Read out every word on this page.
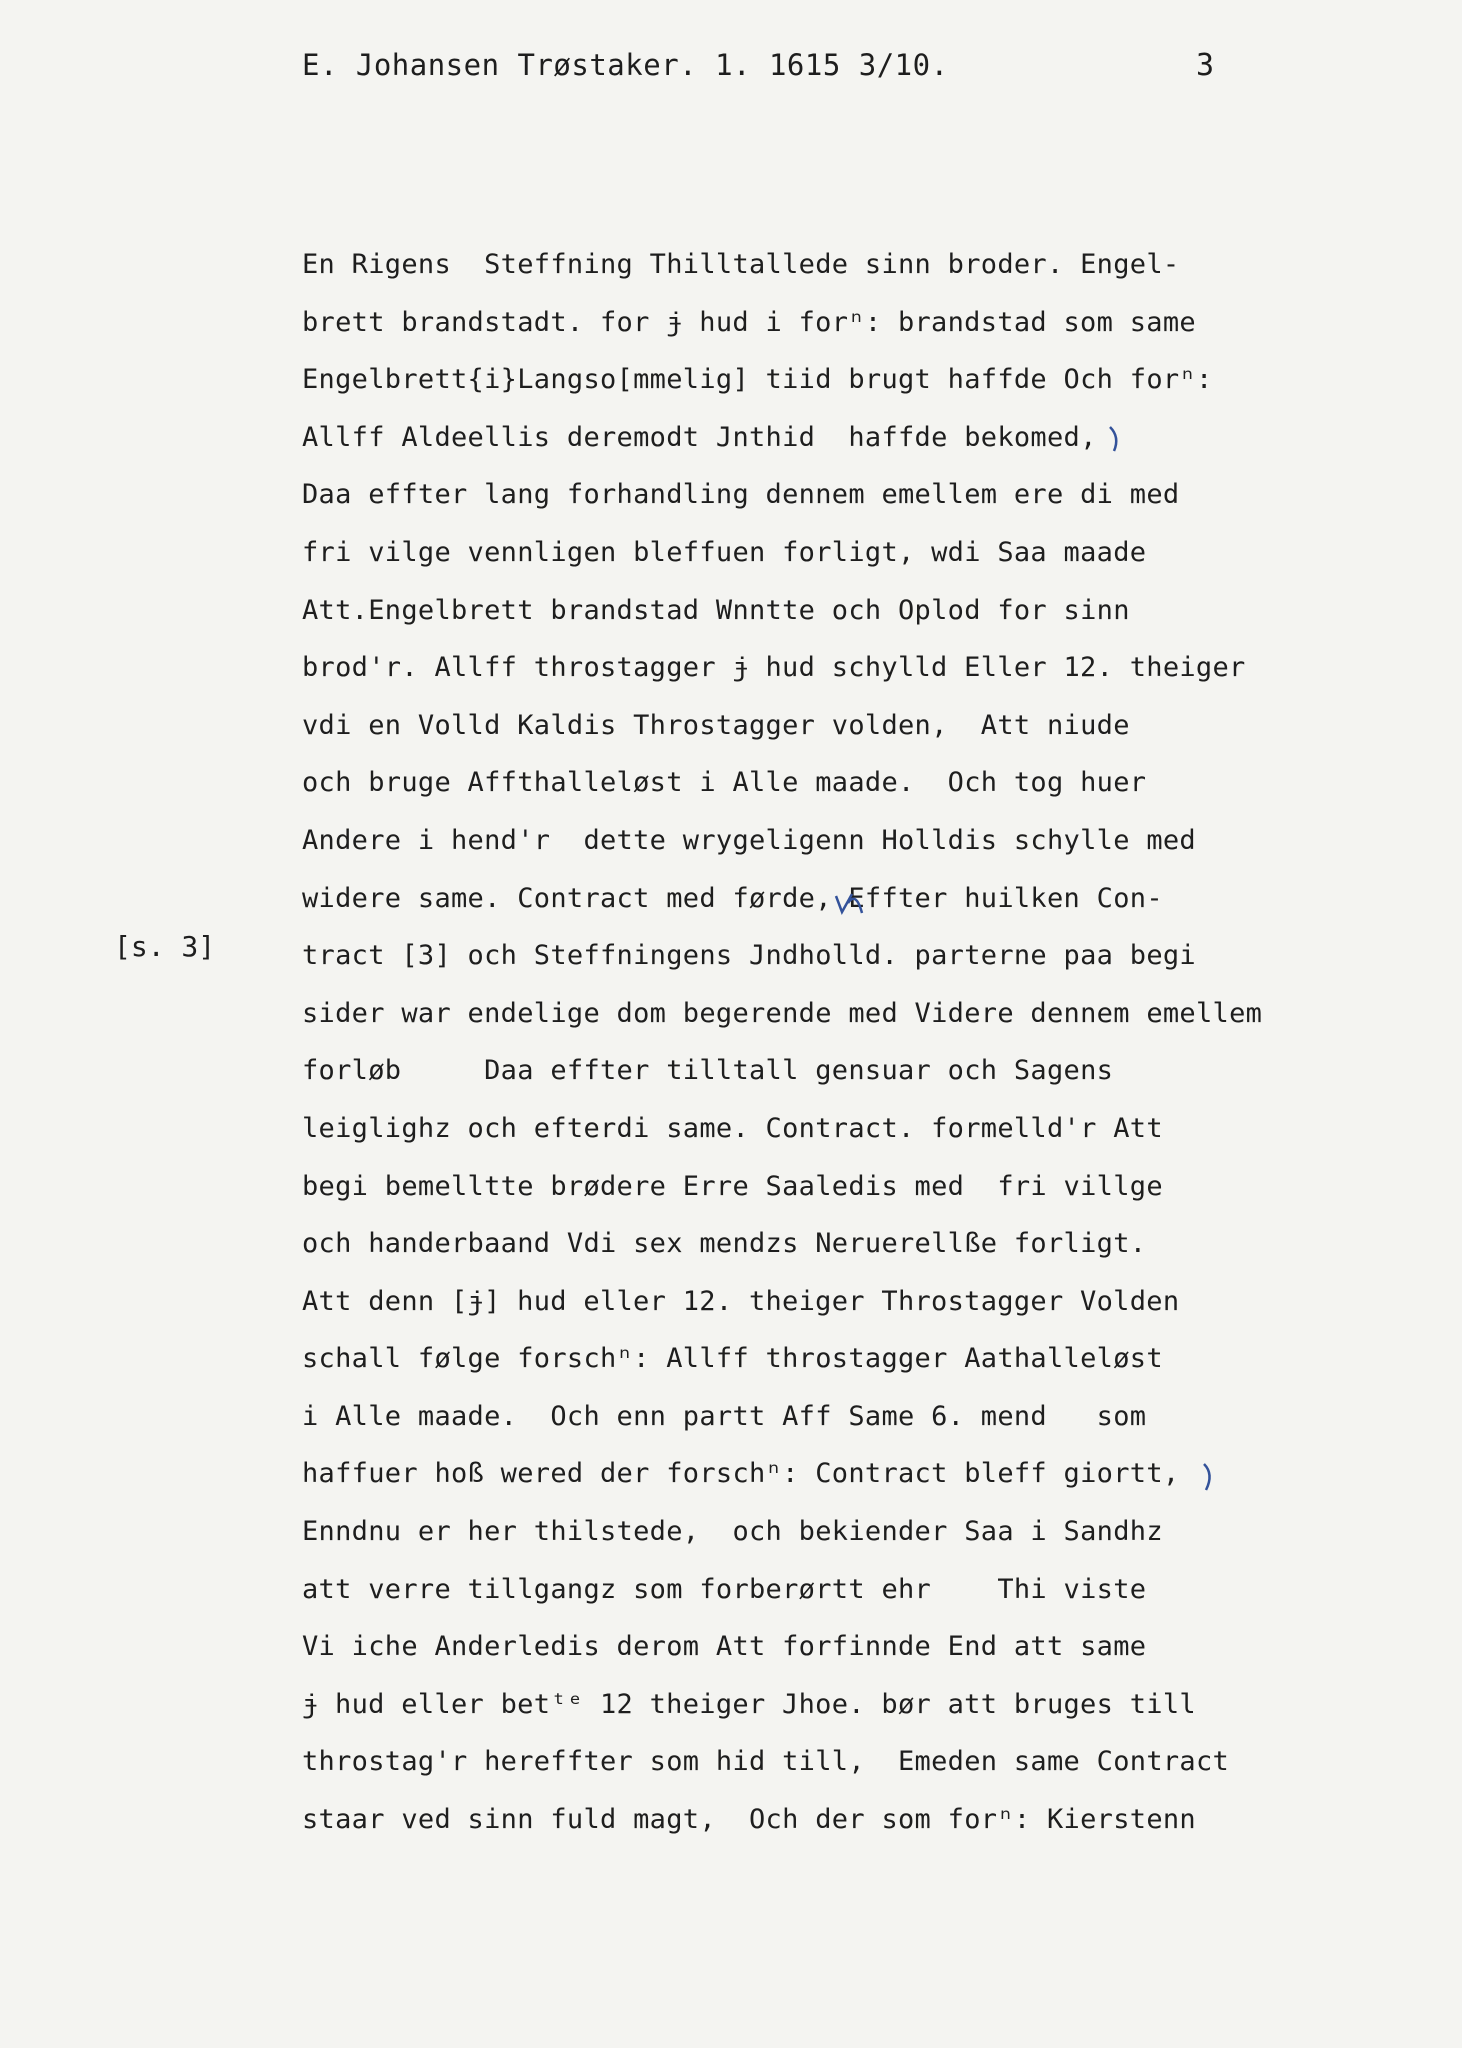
E. Johansen Trøstaker. 1. 1615 3/10.	3
[s. 3]
En Rigens  Steffning Thilltallede sinn broder. Engel-
brett brandstadt. for ɉ hud i forⁿ: brandstad som same
Engelbrett{i}Langso[mmelig] tiid brugt haffde Och forⁿ:
Allff Aldeellis deremodt Jnthid  haffde bekomed,
Daa effter lang forhandling dennem emellem ere di med
fri vilge vennligen bleffuen forligt, wdi Saa maade
Att.Engelbrett brandstad Wnntte och Oplod for sinn
brod'r. Allff throstagger ɉ hud schylld Eller 12. theiger
vdi en Volld Kaldis Throstagger volden,  Att niude
och bruge Affthalleløst i Alle maade.  Och tog huer
Andere i hend'r  dette wrygeligenn Holldis schylle med
widere same. Contract med førde, Effter huilken Con-
tract [3] och Steffningens Jndholld. parterne paa begi
sider war endelige dom begerende med Videre dennem emellem
forløb     Daa effter tilltall gensuar och Sagens
leiglighz och efterdi same. Contract. formelld'r Att
begi bemelltte brødere Erre Saaledis med  fri villge
och handerbaand Vdi sex mendzs Neruerellße forligt.
Att denn [ɉ] hud eller 12. theiger Throstagger Volden
schall følge forschⁿ: Allff throstagger Aathalleløst
i Alle maade.  Och enn partt Aff Same 6. mend   som
haffuer hoß wered der forschⁿ: Contract bleff giortt,
Enndnu er her thilstede,  och bekiender Saa i Sandhz
att verre tillgangz som forberørtt ehr    Thi viste
Vi iche Anderledis derom Att forfinnde End att same
ɉ hud eller betᵗᵉ 12 theiger Jhoe. bør att bruges till
throstag'r hereffter som hid till,  Emeden same Contract
staar ved sinn fuld magt,  Och der som forⁿ: Kierstenn
